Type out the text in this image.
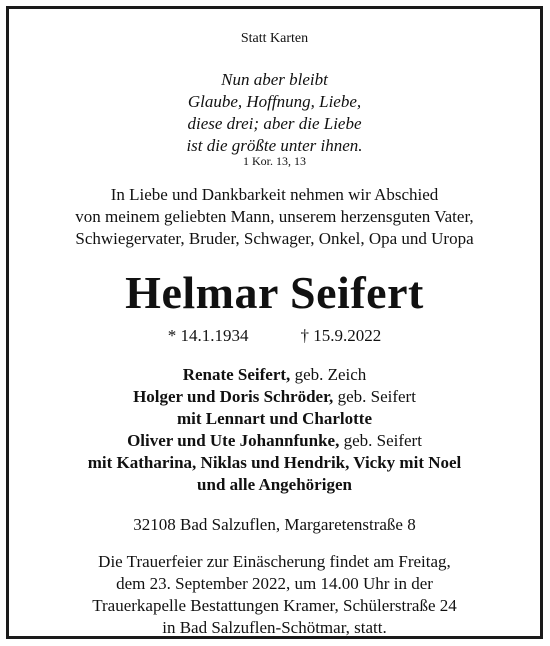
Statt Karten
Nun aber bleibt
Glaube, Hoffnung, Liebe,
diese drei; aber die Liebe
ist die größte unter ihnen.
1 Kor. 13, 13
In Liebe und Dankbarkeit nehmen wir Abschied
von meinem geliebten Mann, unserem herzensguten Vater,
Schwiegervater, Bruder, Schwager, Onkel, Opa und Uropa
Helmar Seifert
* 14.1.1934	† 15.9.2022
Renate Seifert, geb. Zeich
Holger und Doris Schröder, geb. Seifert
mit Lennart und Charlotte
Oliver und Ute Johannfunke, geb. Seifert
mit Katharina, Niklas und Hendrik, Vicky mit Noel
und alle Angehörigen
32108 Bad Salzuflen, Margaretenstraße 8
Die Trauerfeier zur Einäscherung findet am Freitag,
dem 23. September 2022, um 14.00 Uhr in der
Trauerkapelle Bestattungen Kramer, Schülerstraße 24
in Bad Salzuflen-Schötmar, statt.
